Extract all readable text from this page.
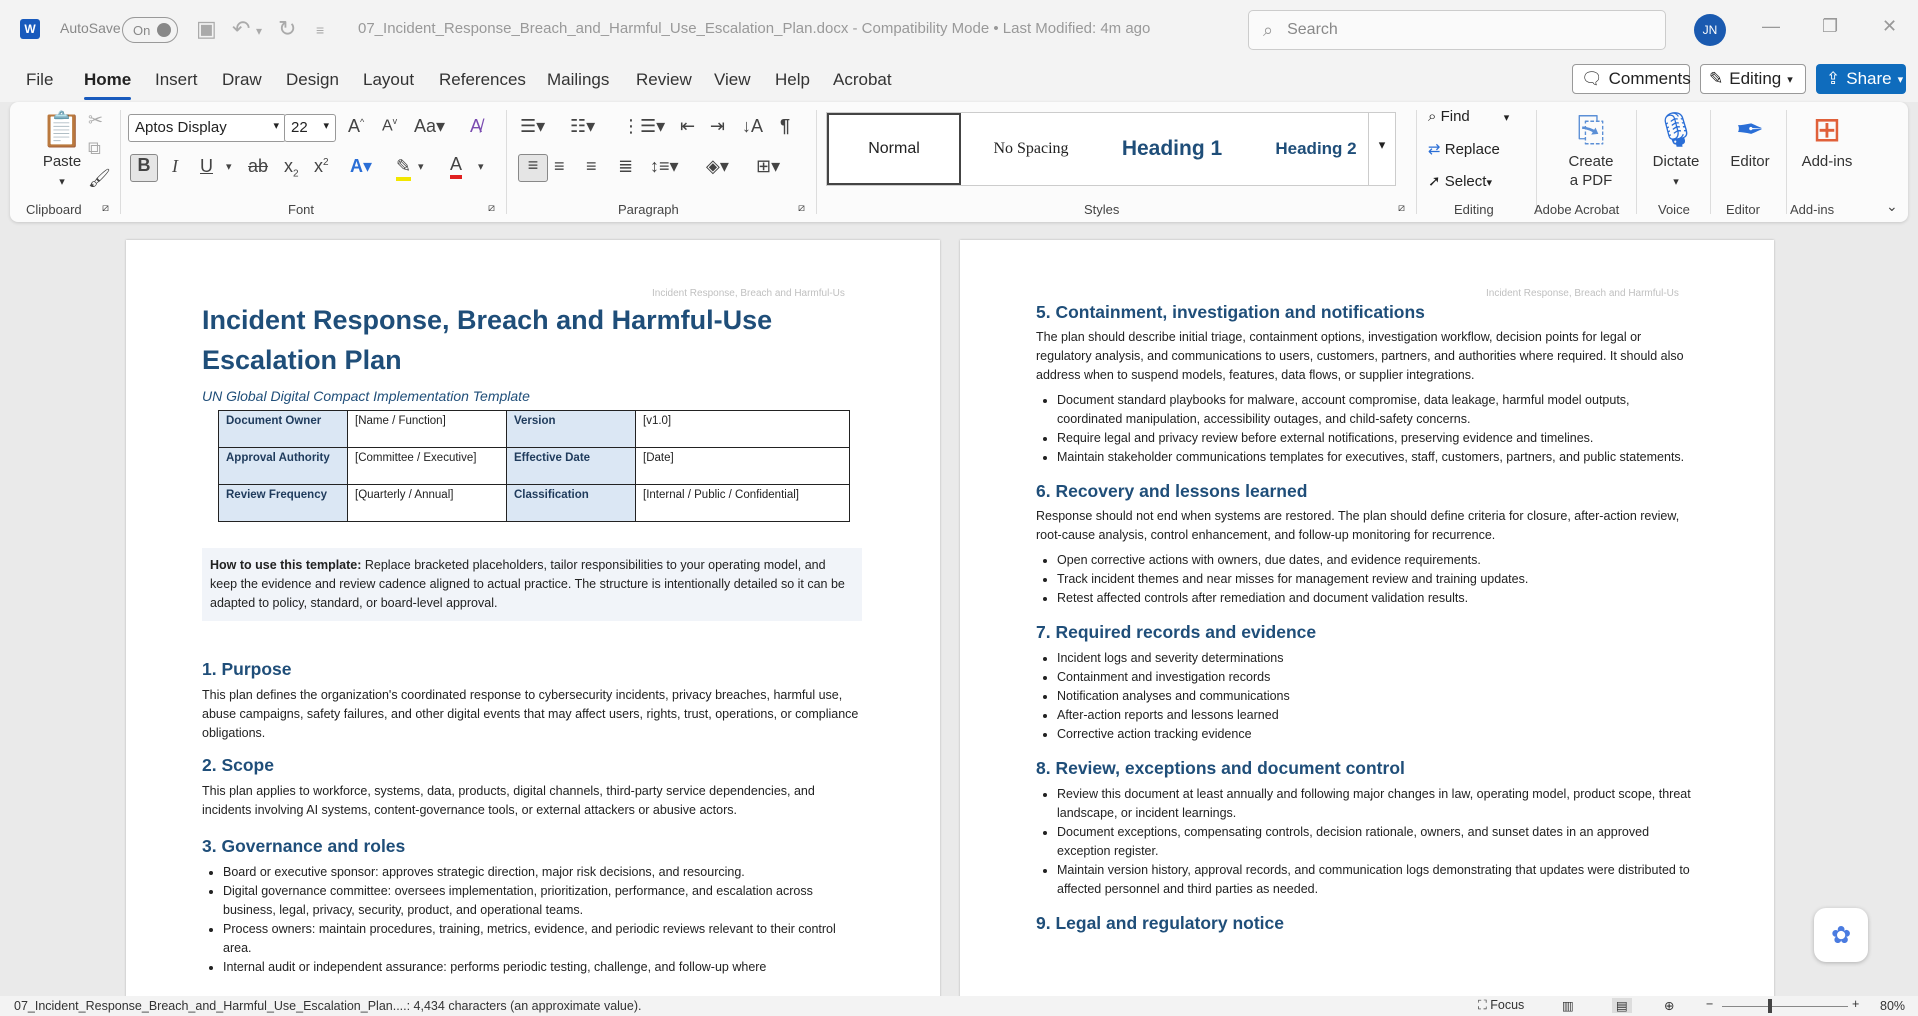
W	AutoSave On ▣ ↶ ▾ ↻ ≡ 07_Incident_Response_Breach_and_Harmful_Use_Escalation_Plan.docx - Compatibility Mode • Last Modified: 4m ago	⌕ Search	JN	— ❐ ✕
File Home Insert Draw Design Layout References Mailings Review View Help Acrobat	🗨 Comments ✎ Editing ▾ ⇪ Share ▾
📋
Paste
▾
✂
⧉
🖌
Clipboard ⧄
Aptos Display	▾ 22 ▾ A^ $A^v$ Aa▾ A̸
B	I U ▾ ab $x_2$ $x^2$ A▾ ✎ ▾ A ▾
Font	⧄
☰▾ ☷▾ ⋮☰▾ ⇤ ⇥ ↓A ¶
≡ ≡ ≡ ≣ ↕≡▾ ◈▾ ⊞▾
Paragraph	⧄
Normal	No Spacing	Heading 1	Heading 2	▾
Styles	⧄
⌕ Find	▾
⇄ Replace
➚ Select▾
Editing
⎘
Create
a PDF
Adobe Acrobat
🎙
Dictate
▾
Voice
✒
Editor
Editor
⊞
Add-ins
Add-ins	⌄
Incident Response, Breach and Harmful-Us
Incident Response, Breach and Harmful-Use
Escalation Plan
UN Global Digital Compact Implementation Template
Document Owner	[Name / Function]	Version	[v1.0]
Approval Authority	[Committee / Executive]	Effective Date	[Date]
Review Frequency	[Quarterly / Annual]	Classification	[Internal / Public / Confidential]
How to use this template: Replace bracketed placeholders, tailor responsibilities to your operating model, and keep the evidence and review cadence aligned to actual practice. The structure is intentionally detailed so it can be adapted to policy, standard, or board-level approval.
1. Purpose
This plan defines the organization's coordinated response to cybersecurity incidents, privacy breaches, harmful use, abuse campaigns, safety failures, and other digital events that may affect users, rights, trust, operations, or compliance obligations.
2. Scope
This plan applies to workforce, systems, data, products, digital channels, third-party service dependencies, and incidents involving AI systems, content-governance tools, or external attackers or abusive actors.
3. Governance and roles
• Board or executive sponsor: approves strategic direction, major risk decisions, and resourcing.
• Digital governance committee: oversees implementation, prioritization, performance, and escalation across business, legal, privacy, security, product, and operational teams.
• Process owners: maintain procedures, training, metrics, evidence, and periodic reviews relevant to their control area.
• Internal audit or independent assurance: performs periodic testing, challenge, and follow-up where
Incident Response, Breach and Harmful-Us
5. Containment, investigation and notifications
The plan should describe initial triage, containment options, investigation workflow, decision points for legal or regulatory analysis, and communications to users, customers, partners, and authorities where required. It should also address when to suspend models, features, data flows, or supplier integrations.
• Document standard playbooks for malware, account compromise, data leakage, harmful model outputs, coordinated manipulation, accessibility outages, and child-safety concerns.
• Require legal and privacy review before external notifications, preserving evidence and timelines.
• Maintain stakeholder communications templates for executives, staff, customers, partners, and public statements.
6. Recovery and lessons learned
Response should not end when systems are restored. The plan should define criteria for closure, after-action review, root-cause analysis, control enhancement, and follow-up monitoring for recurrence.
• Open corrective actions with owners, due dates, and evidence requirements.
• Track incident themes and near misses for management review and training updates.
• Retest affected controls after remediation and document validation results.
7. Required records and evidence
• Incident logs and severity determinations
• Containment and investigation records
• Notification analyses and communications
• After-action reports and lessons learned
• Corrective action tracking evidence
8. Review, exceptions and document control
• Review this document at least annually and following major changes in law, operating model, product scope, threat landscape, or incident learnings.
• Document exceptions, compensating controls, decision rationale, owners, and sunset dates in an approved exception register.
• Maintain version history, approval records, and communication logs demonstrating that updates were distributed to affected personnel and third parties as needed.
9. Legal and regulatory notice	✿
07_Incident_Response_Breach_and_Harmful_Use_Escalation_Plan....: 4,434 characters (an approximate value).	⛶ Focus	▥	▤	⊕	−	+ 80%
